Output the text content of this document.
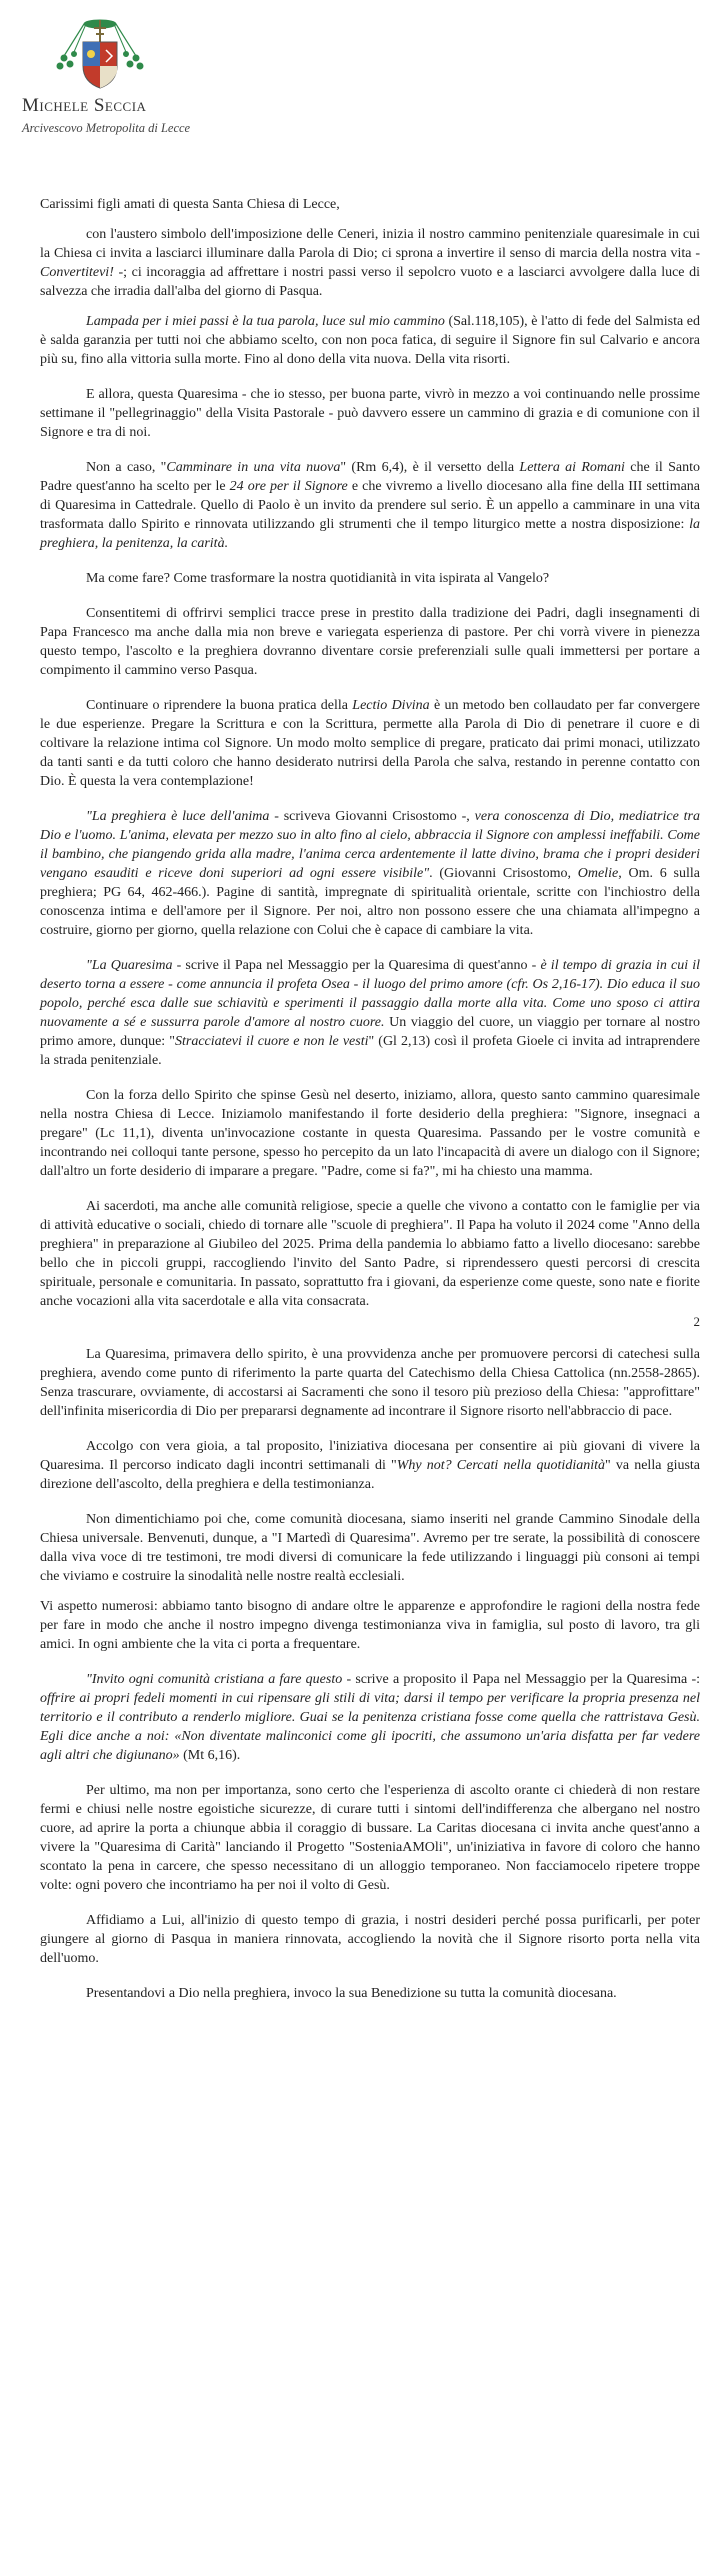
Michele Seccia
Arcivescovo Metropolita di Lecce

Carissimi figli amati di questa Santa Chiesa di Lecce,

con l'austero simbolo dell'imposizione delle Ceneri, inizia il nostro cammino penitenziale quaresimale in cui la Chiesa ci invita a lasciarci illuminare dalla Parola di Dio; ci sprona a invertire il senso di marcia della nostra vita - Convertitevi! -; ci incoraggia ad affrettare i nostri passi verso il sepolcro vuoto e a lasciarci avvolgere dalla luce di salvezza che irradia dall'alba del giorno di Pasqua.

Lampada per i miei passi è la tua parola, luce sul mio cammino (Sal.118,105), è l'atto di fede del Salmista ed è salda garanzia per tutti noi che abbiamo scelto, con non poca fatica, di seguire il Signore fin sul Calvario e ancora più su, fino alla vittoria sulla morte. Fino al dono della vita nuova. Della vita risorti.

E allora, questa Quaresima - che io stesso, per buona parte, vivrò in mezzo a voi continuando nelle prossime settimane il "pellegrinaggio" della Visita Pastorale - può davvero essere un cammino di grazia e di comunione con il Signore e tra di noi.

Non a caso, "Camminare in una vita nuova" (Rm 6,4), è il versetto della Lettera ai Romani che il Santo Padre quest'anno ha scelto per le 24 ore per il Signore e che vivremo a livello diocesano alla fine della III settimana di Quaresima in Cattedrale. Quello di Paolo è un invito da prendere sul serio. È un appello a camminare in una vita trasformata dallo Spirito e rinnovata utilizzando gli strumenti che il tempo liturgico mette a nostra disposizione: la preghiera, la penitenza, la carità.

Ma come fare? Come trasformare la nostra quotidianità in vita ispirata al Vangelo?

Consentitemi di offrirvi semplici tracce prese in prestito dalla tradizione dei Padri, dagli insegnamenti di Papa Francesco ma anche dalla mia non breve e variegata esperienza di pastore. Per chi vorrà vivere in pienezza questo tempo, l'ascolto e la preghiera dovranno diventare corsie preferenziali sulle quali immettersi per portare a compimento il cammino verso Pasqua.

Continuare o riprendere la buona pratica della Lectio Divina è un metodo ben collaudato per far convergere le due esperienze. Pregare la Scrittura e con la Scrittura, permette alla Parola di Dio di penetrare il cuore e di coltivare la relazione intima col Signore. Un modo molto semplice di pregare, praticato dai primi monaci, utilizzato da tanti santi e da tutti coloro che hanno desiderato nutrirsi della Parola che salva, restando in perenne contatto con Dio. È questa la vera contemplazione!

"La preghiera è luce dell'anima - scriveva Giovanni Crisostomo -, vera conoscenza di Dio, mediatrice tra Dio e l'uomo. L'anima, elevata per mezzo suo in alto fino al cielo, abbraccia il Signore con amplessi ineffabili. Come il bambino, che piangendo grida alla madre, l'anima cerca ardentemente il latte divino, brama che i propri desideri vengano esauditi e riceve doni superiori ad ogni essere visibile". (Giovanni Crisostomo, Omelie, Om. 6 sulla preghiera; PG 64, 462-466.). Pagine di santità, impregnate di spiritualità orientale, scritte con l'inchiostro della conoscenza intima e dell'amore per il Signore. Per noi, altro non possono essere che una chiamata all'impegno a costruire, giorno per giorno, quella relazione con Colui che è capace di cambiare la vita.

"La Quaresima - scrive il Papa nel Messaggio per la Quaresima di quest'anno - è il tempo di grazia in cui il deserto torna a essere - come annuncia il profeta Osea - il luogo del primo amore (cfr. Os 2,16-17). Dio educa il suo popolo, perché esca dalle sue schiavitù e sperimenti il passaggio dalla morte alla vita. Come uno sposo ci attira nuovamente a sé e sussurra parole d'amore al nostro cuore. Un viaggio del cuore, un viaggio per tornare al nostro primo amore, dunque: "Stracciatevi il cuore e non le vesti" (Gl 2,13) così il profeta Gioele ci invita ad intraprendere la strada penitenziale.

Con la forza dello Spirito che spinse Gesù nel deserto, iniziamo, allora, questo santo cammino quaresimale nella nostra Chiesa di Lecce. Iniziamolo manifestando il forte desiderio della preghiera: "Signore, insegnaci a pregare" (Lc 11,1), diventa un'invocazione costante in questa Quaresima. Passando per le vostre comunità e incontrando nei colloqui tante persone, spesso ho percepito da un lato l'incapacità di avere un dialogo con il Signore; dall'altro un forte desiderio di imparare a pregare. "Padre, come si fa?", mi ha chiesto una mamma.

Ai sacerdoti, ma anche alle comunità religiose, specie a quelle che vivono a contatto con le famiglie per via di attività educative o sociali, chiedo di tornare alle "scuole di preghiera". Il Papa ha voluto il 2024 come "Anno della preghiera" in preparazione al Giubileo del 2025. Prima della pandemia lo abbiamo fatto a livello diocesano: sarebbe bello che in piccoli gruppi, raccogliendo l'invito del Santo Padre, si riprendessero questi percorsi di crescita spirituale, personale e comunitaria. In passato, soprattutto fra i giovani, da esperienze come queste, sono nate e fiorite anche vocazioni alla vita sacerdotale e alla vita consacrata.

2

La Quaresima, primavera dello spirito, è una provvidenza anche per promuovere percorsi di catechesi sulla preghiera, avendo come punto di riferimento la parte quarta del Catechismo della Chiesa Cattolica (nn.2558-2865). Senza trascurare, ovviamente, di accostarsi ai Sacramenti che sono il tesoro più prezioso della Chiesa: "approfittare" dell'infinita misericordia di Dio per prepararsi degnamente ad incontrare il Signore risorto nell'abbraccio di pace.

Accolgo con vera gioia, a tal proposito, l'iniziativa diocesana per consentire ai più giovani di vivere la Quaresima. Il percorso indicato dagli incontri settimanali di "Why not? Cercati nella quotidianità" va nella giusta direzione dell'ascolto, della preghiera e della testimonianza.

Non dimentichiamo poi che, come comunità diocesana, siamo inseriti nel grande Cammino Sinodale della Chiesa universale. Benvenuti, dunque, a "I Martedì di Quaresima". Avremo per tre serate, la possibilità di conoscere dalla viva voce di tre testimoni, tre modi diversi di comunicare la fede utilizzando i linguaggi più consoni ai tempi che viviamo e costruire la sinodalità nelle nostre realtà ecclesiali.

Vi aspetto numerosi: abbiamo tanto bisogno di andare oltre le apparenze e approfondire le ragioni della nostra fede per fare in modo che anche il nostro impegno divenga testimonianza viva in famiglia, sul posto di lavoro, tra gli amici. In ogni ambiente che la vita ci porta a frequentare.

"Invito ogni comunità cristiana a fare questo - scrive a proposito il Papa nel Messaggio per la Quaresima -: offrire ai propri fedeli momenti in cui ripensare gli stili di vita; darsi il tempo per verificare la propria presenza nel territorio e il contributo a renderlo migliore. Guai se la penitenza cristiana fosse come quella che rattristava Gesù. Egli dice anche a noi: «Non diventate malinconici come gli ipocriti, che assumono un'aria disfatta per far vedere agli altri che digiunano» (Mt 6,16).

Per ultimo, ma non per importanza, sono certo che l'esperienza di ascolto orante ci chiederà di non restare fermi e chiusi nelle nostre egoistiche sicurezze, di curare tutti i sintomi dell'indifferenza che albergano nel nostro cuore, ad aprire la porta a chiunque abbia il coraggio di bussare. La Caritas diocesana ci invita anche quest'anno a vivere la "Quaresima di Carità" lanciando il Progetto "SosteniaAMOli", un'iniziativa in favore di coloro che hanno scontato la pena in carcere, che spesso necessitano di un alloggio temporaneo. Non facciamocelo ripetere troppe volte: ogni povero che incontriamo ha per noi il volto di Gesù.

Affidiamo a Lui, all'inizio di questo tempo di grazia, i nostri desideri perché possa purificarli, per poter giungere al giorno di Pasqua in maniera rinnovata, accogliendo la novità che il Signore risorto porta nella vita dell'uomo.

Presentandovi a Dio nella preghiera, invoco la sua Benedizione su tutta la comunità diocesana.
